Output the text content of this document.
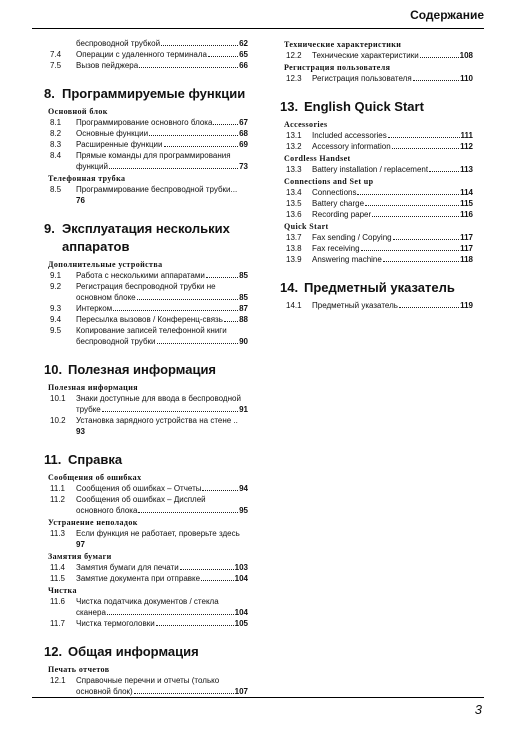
Содержание
беспроводной трубкой	62
7.4	Операции с удаленного терминала	65
7.5	Вызов пейджера	66
8. Программируемые функции
Основной блок
8.1	Программирование основного блока	67
8.2	Основные функции	68
8.3	Расширенные функции	69
8.4	Прямые команды для программирования
функций	73
Телефонная трубка
8.5	Программирование беспроводной трубки...
76
9. Эксплуатация нескольких аппаратов
Дополнительные устройства
9.1	Работа с несколькими аппаратами	85
9.2	Регистрация беспроводной трубки не
основном блоке	85
9.3	Интерком	87
9.4	Пересылка вызовов / Конференц-связь 88
9.5	Копирование записей телефонной книги
беспроводной трубки	90
10. Полезная информация
Полезная информация
10.1	Знаки доступные для ввода в беспроводной
трубке	91
10.2	Установка зарядного устройства на стене ..
93
11. Справка
Сообщения об ошибках
11.1	Сообщения об ошибках – Отчеты	94
11.2	Сообщения об ошибках – Дисплей
основного блока	95
Устранение неполадок
11.3	Если функция не работает, проверьте здесь
97
Замятия бумаги
11.4	Замятия бумаги для печати	103
11.5	Замятие документа при отправке	104
Чистка
11.6	Чистка податчика документов / стекла
сканера	104
11.7	Чистка термоголовки	105
12. Общая информация
Печать отчетов
12.1	Справочные перечни и отчеты (только
основной блок)	107
Технические характеристики
12.2	Технические характеристики	108
Регистрация пользователя
12.3	Регистрация пользователя	110
13. English Quick Start
Accessories
13.1	Included accessories	111
13.2	Accessory information	112
Cordless Handset
13.3	Battery installation / replacement	113
Connections and Set up
13.4	Connections	114
13.5	Battery charge	115
13.6	Recording paper	116
Quick Start
13.7	Fax sending / Copying	117
13.8	Fax receiving	117
13.9	Answering machine	118
14. Предметный указатель
14.1	Предметный указатель	119
3
